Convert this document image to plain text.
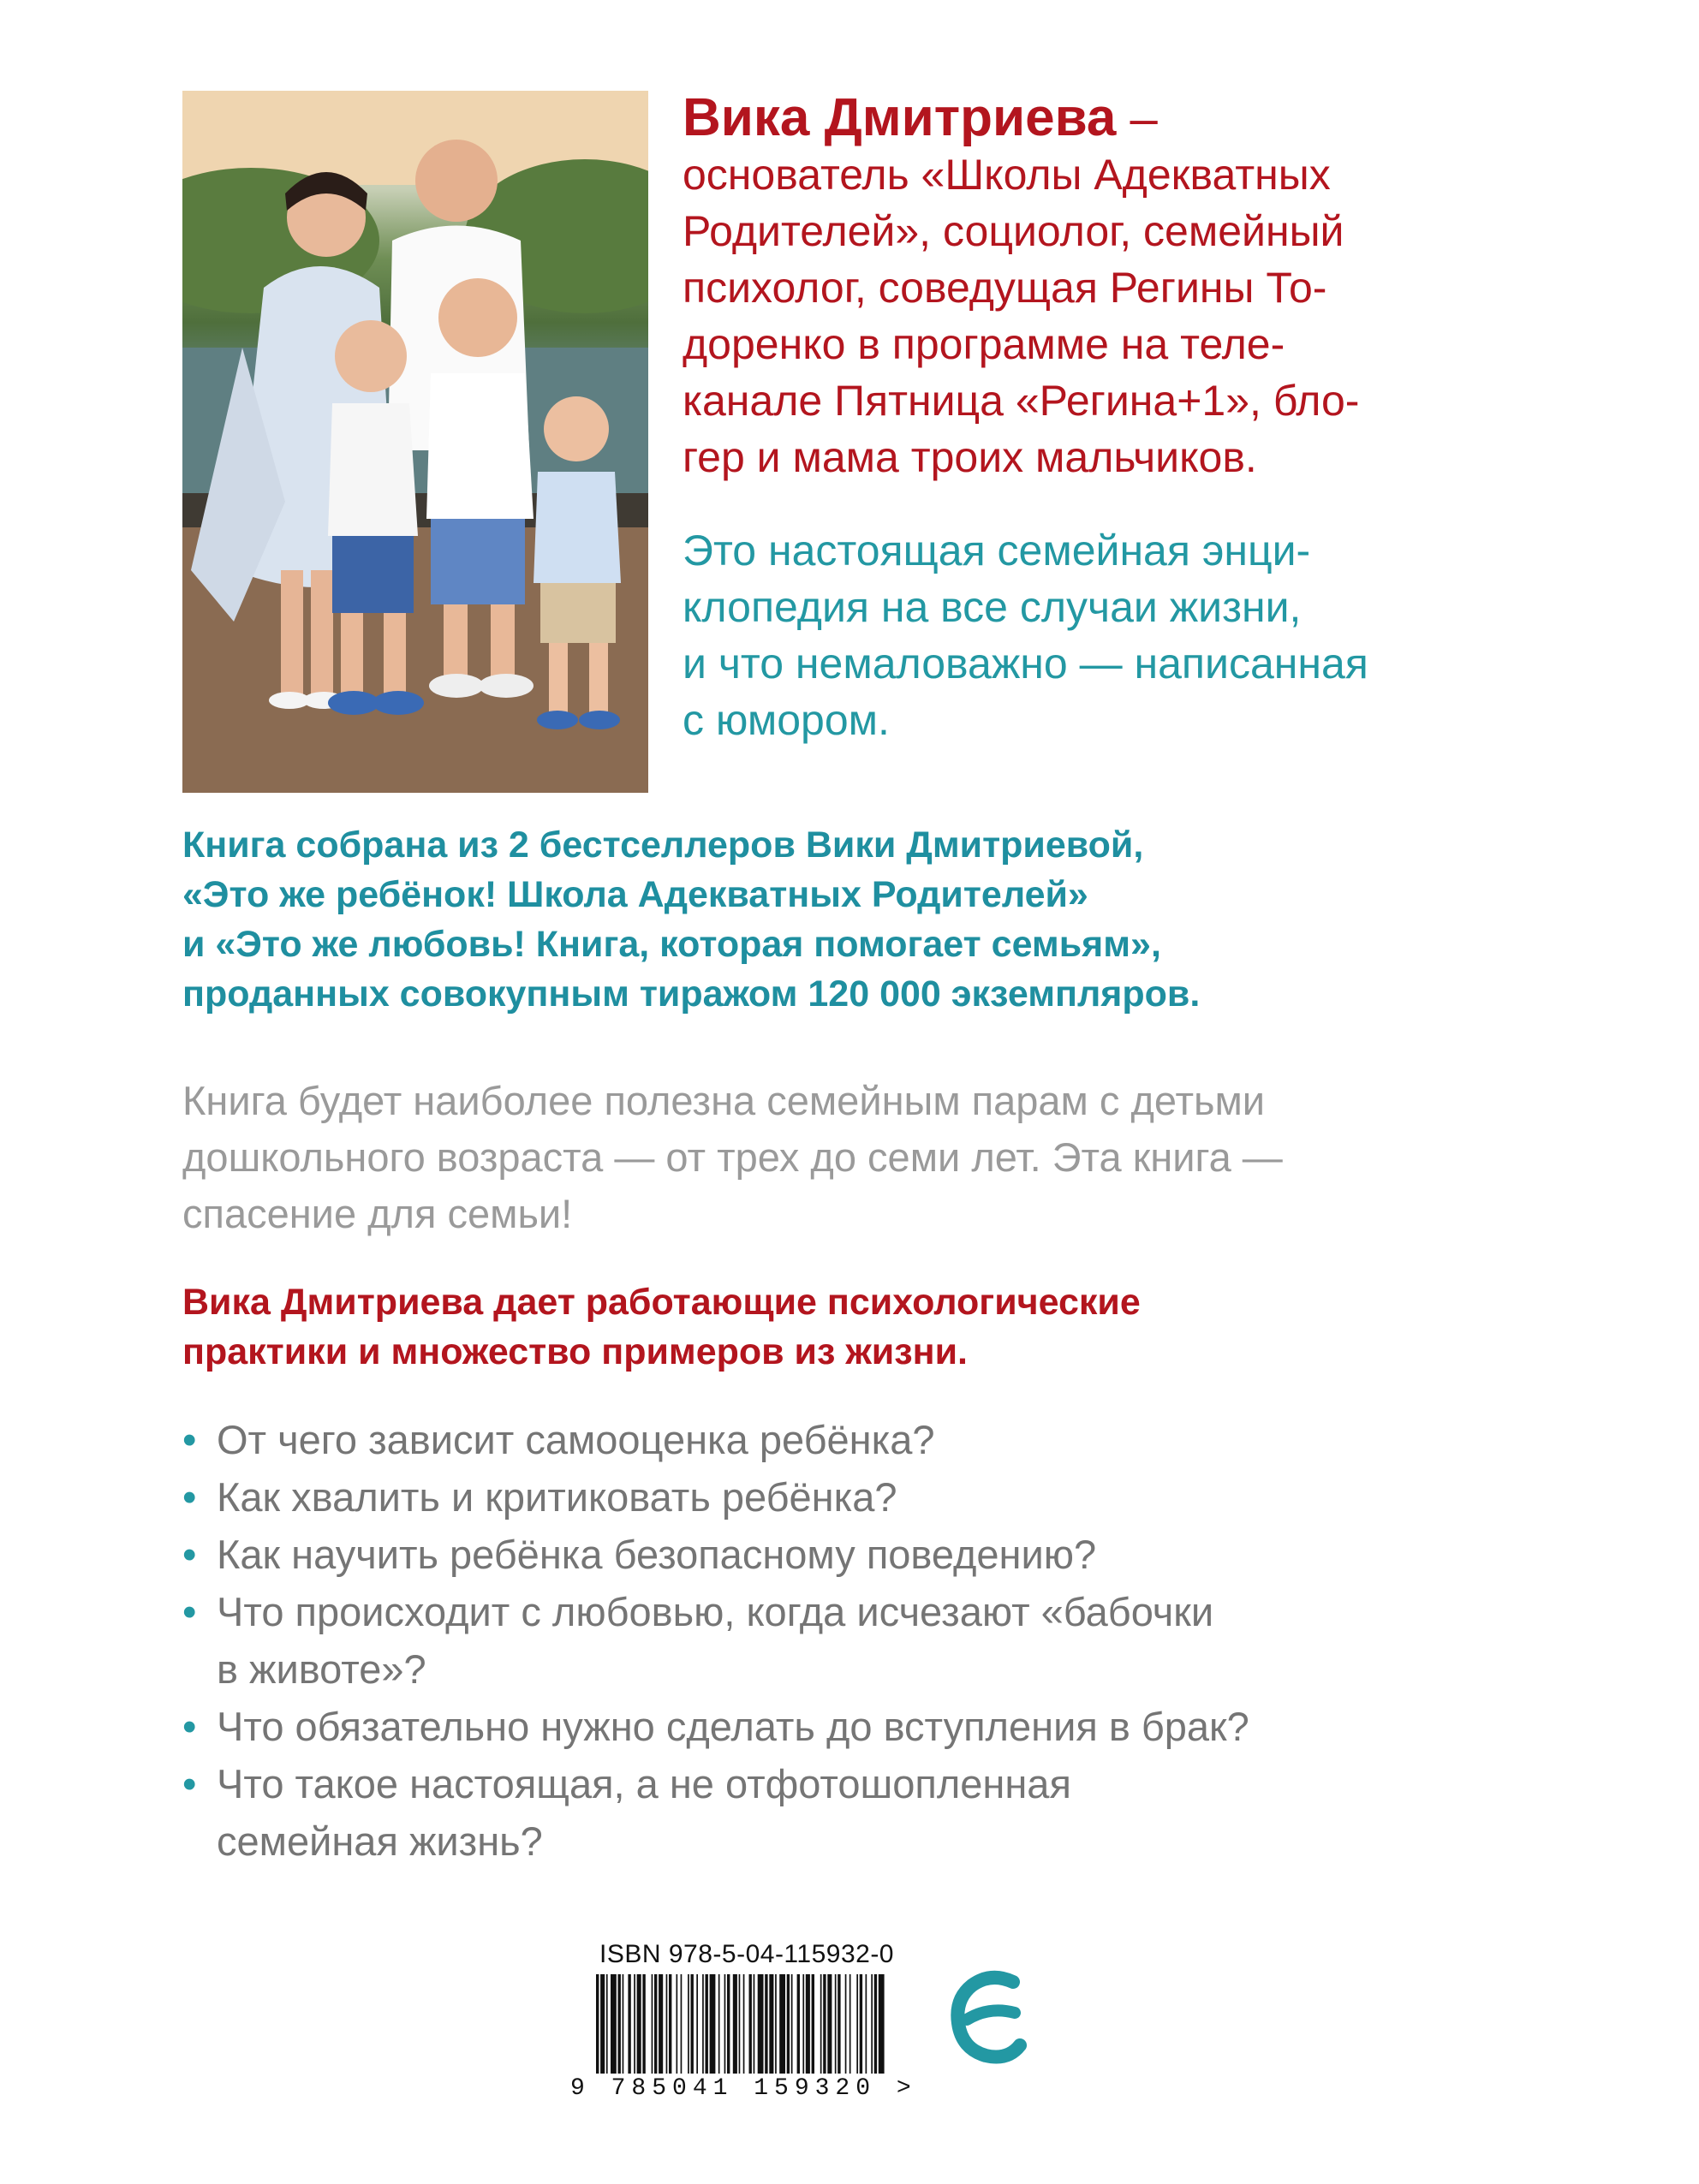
Вика Дмитриева –
основатель «Школы Адекватных
Родителей», социолог, семейный
психолог, соведущая Регины То-
доренко в программе на теле-
канале Пятница «Регина+1», бло-
гер и мама троих мальчиков.
Это настоящая семейная энци-
клопедия на все случаи жизни,
и что немаловажно — написанная
с юмором.
Книга собрана из 2 бестселлеров Вики Дмитриевой,
«Это же ребёнок! Школа Адекватных Родителей»
и «Это же любовь! Книга, которая помогает семьям»,
проданных совокупным тиражом 120 000 экземпляров.
Книга будет наиболее полезна семейным парам с детьми
дошкольного возраста — от трех до семи лет. Эта книга —
спасение для семьи!
Вика Дмитриева дает работающие психологические
практики и множество примеров из жизни.
• От чего зависит самооценка ребёнка?
• Как хвалить и критиковать ребёнка?
• Как научить ребёнка безопасному поведению?
• Что происходит с любовью, когда исчезают «бабочки
в животе»?
• Что обязательно нужно сделать до вступления в брак?
• Что такое настоящая, а не отфотошопленная
семейная жизнь?
ISBN 978-5-04-115932-0
9 785041 159320 >
